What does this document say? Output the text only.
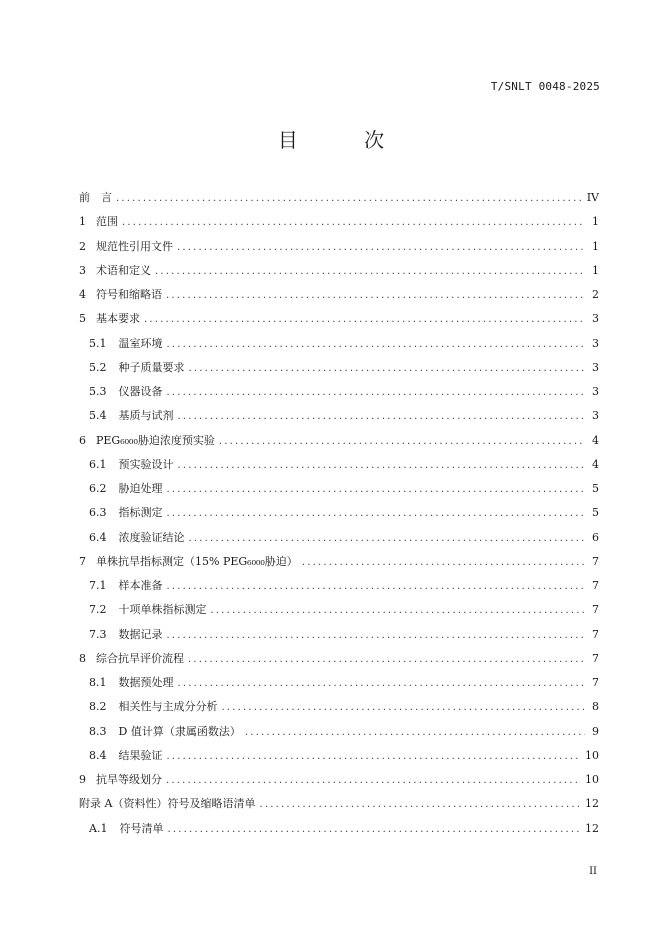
T/SNLT 0048-2025
目 次
前　言 .....	IV
1 范围 .....	1
2 规范性引用文件 .....	1
3 术语和定义 .....	1
4 符号和缩略语 .....	2
5 基本要求 .....	3
5.1 温室环境 .....	3
5.2 种子质量要求 .....	3
5.3 仪器设备 .....	3
5.4 基质与试剂 .....	3
6 PEG₆₀₀₀胁迫浓度预实验 .....	4
6.1 预实验设计 .....	4
6.2 胁迫处理 .....	5
6.3 指标测定 .....	5
6.4 浓度验证结论 .....	6
7 单株抗旱指标测定（15% PEG₆₀₀₀胁迫） .....	7
7.1 样本准备 .....	7
7.2 十项单株指标测定 .....	7
7.3 数据记录 .....	7
8 综合抗旱评价流程 .....	7
8.1 数据预处理 .....	7
8.2 相关性与主成分分析 .....	8
8.3 D 值计算（隶属函数法） .....	9
8.4 结果验证 .....	10
9 抗旱等级划分 .....	10
附录 A（资料性）符号及缩略语清单 .....	12
A.1 符号清单 .....	12
II
